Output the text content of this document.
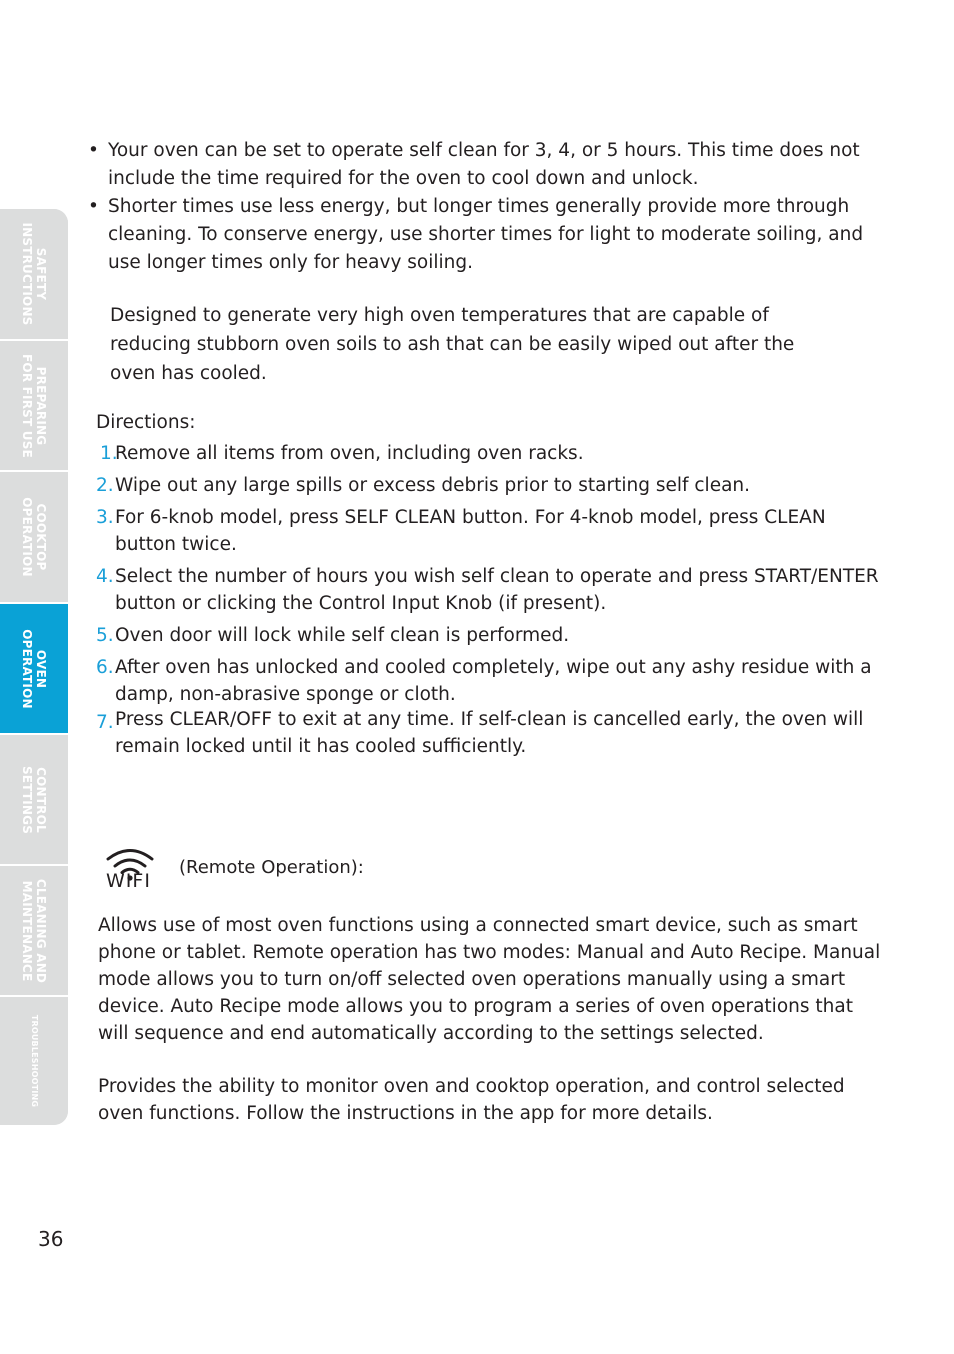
SAFETY
INSTRUCTIONS
PREPARING
FOR FIRST USE
COOKTOP
OPERATION
OVEN
OPERATION
CONTROL
SETTINGS
CLEANING AND
MAINTENANCE
TROUBLESHOOTING
• Your oven can be set to operate self clean for 3, 4, or 5 hours. This time does not include the time required for the oven to cool down and unlock.
• Shorter times use less energy, but longer times generally provide more through cleaning. To conserve energy, use shorter times for light to moderate soiling, and use longer times only for heavy soiling.
Designed to generate very high oven temperatures that are capable of reducing stubborn oven soils to ash that can be easily wiped out after the oven has cooled.
Directions:
1.
Remove all items from oven, including oven racks.
2. Wipe out any large spills or excess debris prior to starting self clean.
3. For 6-knob model, press SELF CLEAN button. For 4-knob model, press CLEAN button twice.
4. Select the number of hours you wish self clean to operate and press START/ENTER button or clicking the Control Input Knob (if present).
5. Oven door will lock while self clean is performed.
6. After oven has unlocked and cooled completely, wipe out any ashy residue with a damp, non-abrasive sponge or cloth.
7. Press CLEAR/OFF to exit at any time. If self-clean is cancelled early, the oven will remain locked until it has cooled sufficiently.
WIFI
(Remote Operation):
Allows use of most oven functions using a connected smart device, such as smart phone or tablet. Remote operation has two modes: Manual and Auto Recipe. Manual mode allows you to turn on/off selected oven operations manually using a smart device. Auto Recipe mode allows you to program a series of oven operations that will sequence and end automatically according to the settings selected.
Provides the ability to monitor oven and cooktop operation, and control selected oven functions. Follow the instructions in the app for more details.
36
